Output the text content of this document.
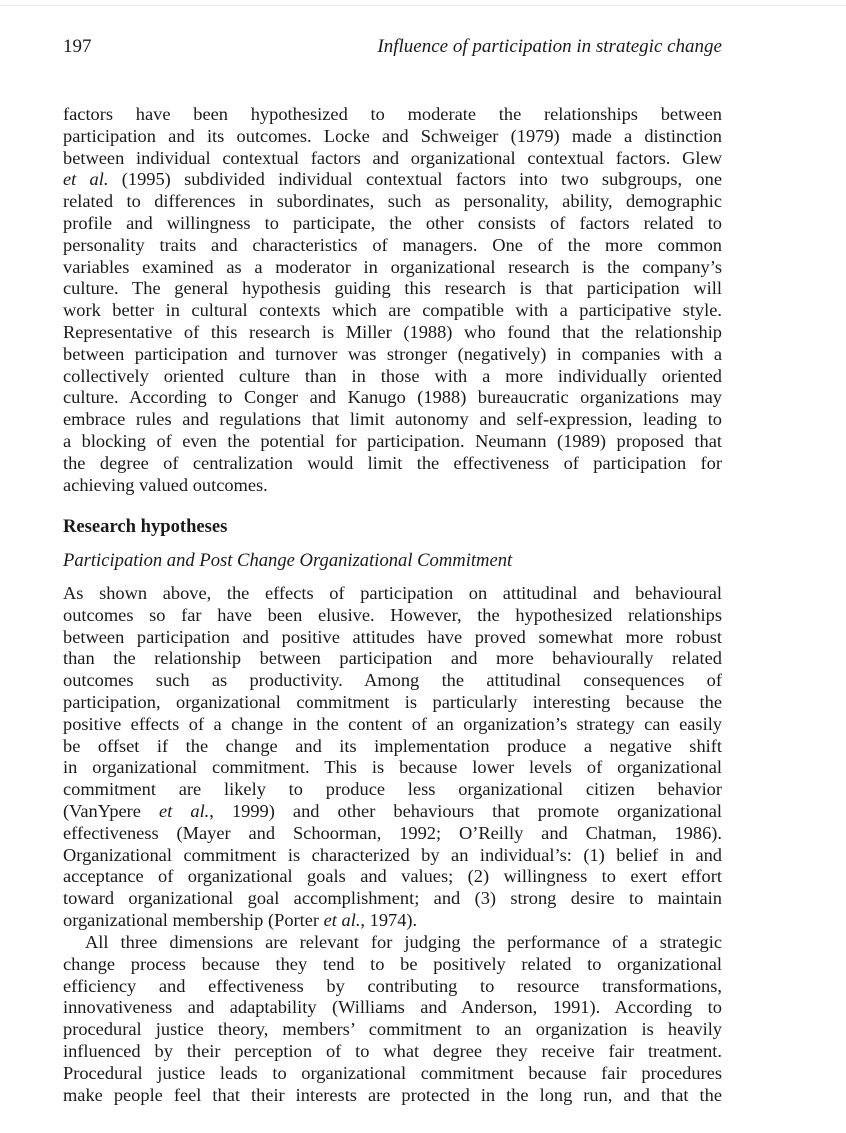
197	Influence of participation in strategic change
factors have been hypothesized to moderate the relationships between
participation and its outcomes. Locke and Schweiger (1979) made a distinction
between individual contextual factors and organizational contextual factors. Glew
et al. (1995) subdivided individual contextual factors into two subgroups, one
related to differences in subordinates, such as personality, ability, demographic
profile and willingness to participate, the other consists of factors related to
personality traits and characteristics of managers. One of the more common
variables examined as a moderator in organizational research is the company’s
culture. The general hypothesis guiding this research is that participation will
work better in cultural contexts which are compatible with a participative style.
Representative of this research is Miller (1988) who found that the relationship
between participation and turnover was stronger (negatively) in companies with a
collectively oriented culture than in those with a more individually oriented
culture. According to Conger and Kanugo (1988) bureaucratic organizations may
embrace rules and regulations that limit autonomy and self-expression, leading to
a blocking of even the potential for participation. Neumann (1989) proposed that
the degree of centralization would limit the effectiveness of participation for
achieving valued outcomes.
Research hypotheses
Participation and Post Change Organizational Commitment
As shown above, the effects of participation on attitudinal and behavioural
outcomes so far have been elusive. However, the hypothesized relationships
between participation and positive attitudes have proved somewhat more robust
than the relationship between participation and more behaviourally related
outcomes such as productivity. Among the attitudinal consequences of
participation, organizational commitment is particularly interesting because the
positive effects of a change in the content of an organization’s strategy can easily
be offset if the change and its implementation produce a negative shift
in organizational commitment. This is because lower levels of organizational
commitment are likely to produce less organizational citizen behavior
(VanYpere et al., 1999) and other behaviours that promote organizational
effectiveness (Mayer and Schoorman, 1992; O’Reilly and Chatman, 1986).
Organizational commitment is characterized by an individual’s: (1) belief in and
acceptance of organizational goals and values; (2) willingness to exert effort
toward organizational goal accomplishment; and (3) strong desire to maintain
organizational membership (Porter et al., 1974).
All three dimensions are relevant for judging the performance of a strategic
change process because they tend to be positively related to organizational
efficiency and effectiveness by contributing to resource transformations,
innovativeness and adaptability (Williams and Anderson, 1991). According to
procedural justice theory, members’ commitment to an organization is heavily
influenced by their perception of to what degree they receive fair treatment.
Procedural justice leads to organizational commitment because fair procedures
make people feel that their interests are protected in the long run, and that the
